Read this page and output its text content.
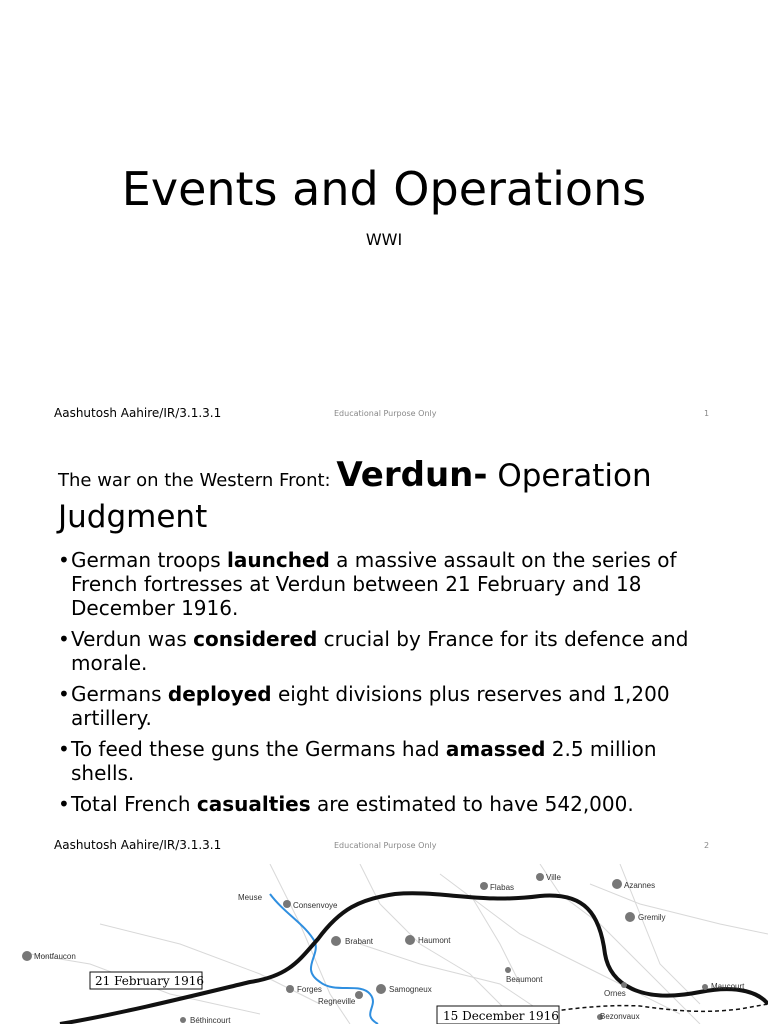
Events and Operations
WWI
Aashutosh Aahire/IR/3.1.3.1	Educational Purpose Only	1
The war on the Western Front: Verdun- Operation Judgment
• German troops launched a massive assault on the series of French fortresses at Verdun between 21 February and 18 December 1916.
• Verdun was considered crucial by France for its defence and morale.
• Germans deployed eight divisions plus reserves and 1,200 artillery.
• To feed these guns the Germans had amassed 2.5 million shells.
• Total French casualties are estimated to have 542,000.
Aashutosh Aahire/IR/3.1.3.1	Educational Purpose Only	2
Meuse
Consenvoye
Brabant	Haumont
Flabas
Ville
Azannes
Gremily
Montfaucon
Forges
Regneville
Samogneux
Beaumont
Ornes
Maucourt
Béthincourt	Bezonvaux
21 February 1916
15 December 1916
